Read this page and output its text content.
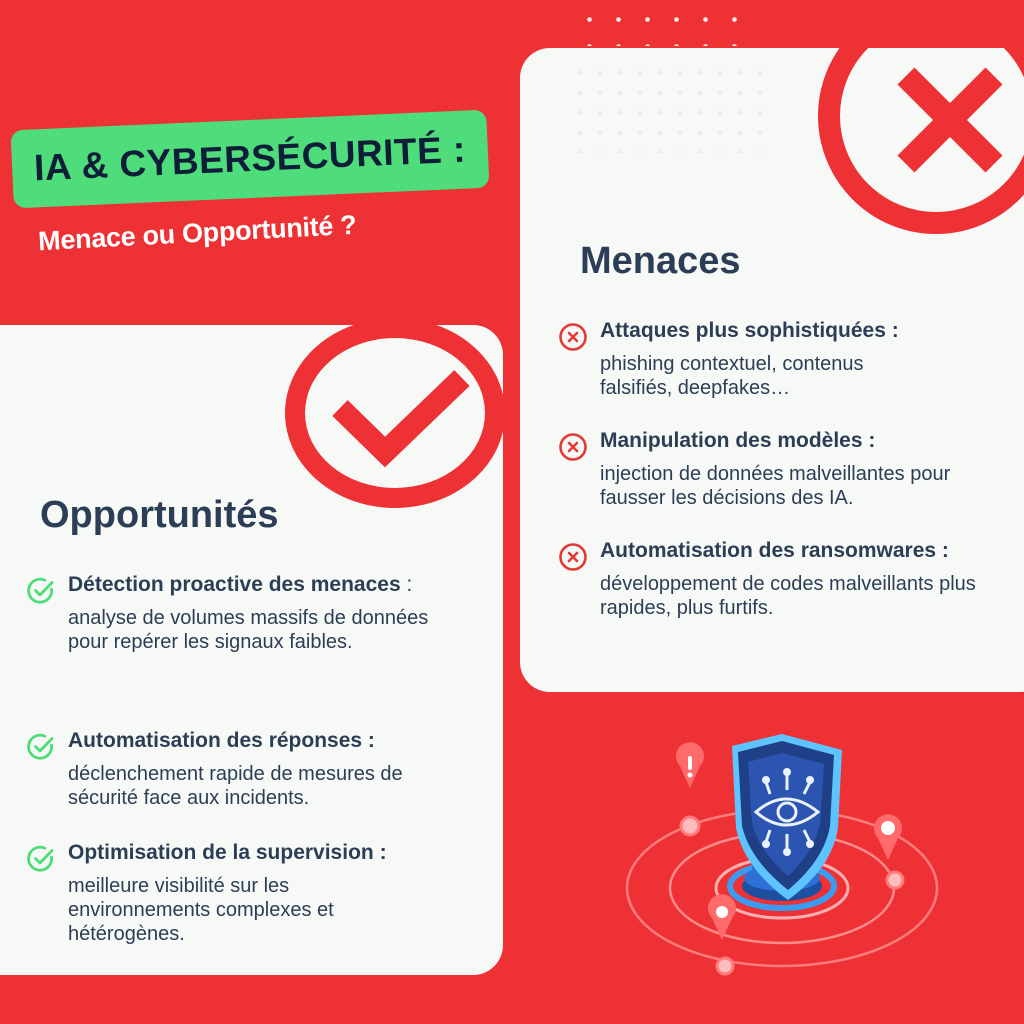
IA & CYBERSÉCURITÉ :
Menace ou Opportunité ?
Menaces
Attaques plus sophistiquées :
phishing contextuel, contenus falsifiés, deepfakes…
Manipulation des modèles :
injection de données malveillantes pour fausser les décisions des IA.
Automatisation des ransomwares :
développement de codes malveillants plus rapides, plus furtifs.
Opportunités
Détection proactive des menaces :
analyse de volumes massifs de données pour repérer les signaux faibles.
Automatisation des réponses :
déclenchement rapide de mesures de sécurité face aux incidents.
Optimisation de la supervision :
meilleure visibilité sur les environnements complexes et hétérogènes.
